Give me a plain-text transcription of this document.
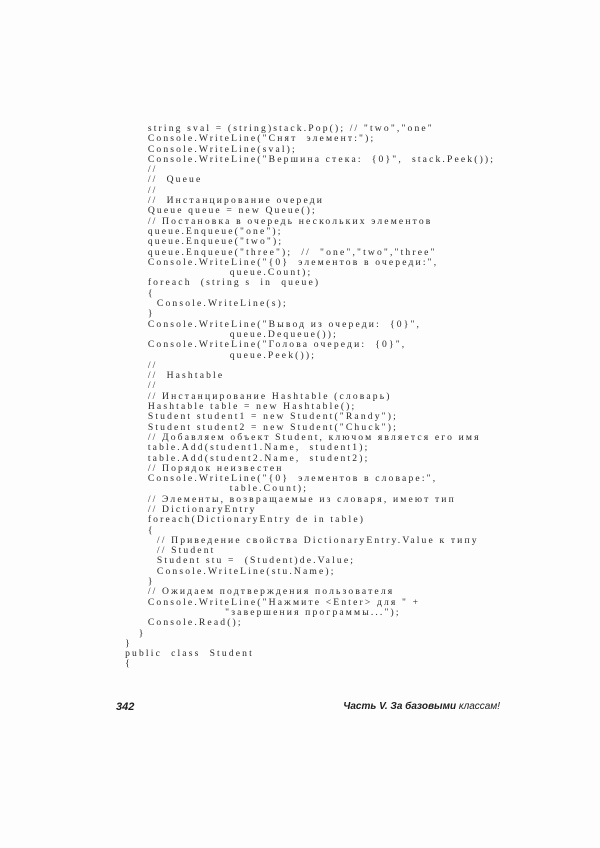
string sval = (string)stack.Pop(); // "two","one"
Console.WriteLine("Снят  элемент:");
Console.WriteLine(sval);
Console.WriteLine("Вершина стека:  {0}",  stack.Peek());
//
//  Queue
//
//  Инстанцирование очереди
Queue queue = new Queue();
// Постановка в очередь нескольких элементов
queue.Enqueue("one");
queue.Enqueue("two");
queue.Enqueue("three");  //  "one","two","three"
Console.WriteLine("{0}  элементов в очереди:",
queue.Count);
foreach  (string s  in  queue)
{
Console.WriteLine(s);
}
Console.WriteLine("Вывод из очереди:  {0}",
queue.Dequeue());
Console.WriteLine("Голова очереди:  {0}",
queue.Peek());
//
//  Hashtable
//
// Инстанцирование Hashtable (словарь)
Hashtable table = new Hashtable();
Student student1 = new Student("Randy");
Student student2 = new Student("Chuck");
// Добавляем объект Student, ключом является его имя
table.Add(student1.Name,  student1);
table.Add(student2.Name,  student2);
// Порядок неизвестен
Console.WriteLine("{0}  элементов в словаре:",
table.Count);
// Элементы, возвращаемые из словаря, имеют тип
// DictionaryEntry
foreach(DictionaryEntry de in table)
{
// Приведение свойства DictionaryEntry.Value к типу
// Student
Student stu =  (Student)de.Value;
Console.WriteLine(stu.Name);
}
// Ожидаем подтверждения пользователя
Console.WriteLine("Нажмите <Enter> для " +
"завершения программы...");
Console.Read();
}
}
public  class  Student
{
342	Часть V. За базовыми классам!
